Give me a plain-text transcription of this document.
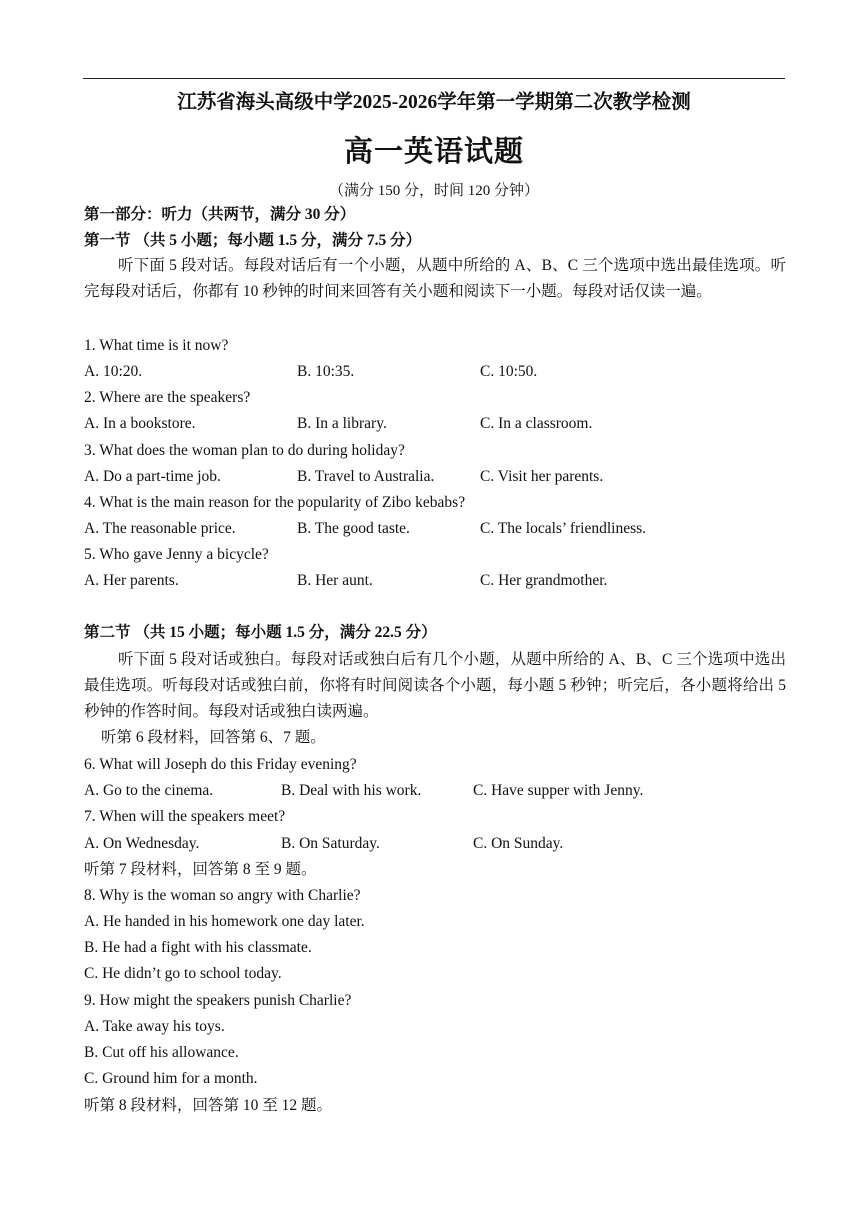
江苏省海头高级中学2025-2026学年第一学期第二次教学检测
高一英语试题
（满分 150 分，时间 120 分钟）
第一部分：听力（共两节，满分 30 分）
第一节 （共 5 小题；每小题 1.5 分，满分 7.5 分）
听下面 5 段对话。每段对话后有一个小题，从题中所给的 A、B、C 三个选项中选出最佳选项。听完每段对话后，你都有 10 秒钟的时间来回答有关小题和阅读下一小题。每段对话仅读一遍。
1. What time is it now?
A. 10:20.	B. 10:35.	C. 10:50.
2. Where are the speakers?
A. In a bookstore.	B. In a library.	C. In a classroom.
3. What does the woman plan to do during holiday?
A. Do a part-time job.	B. Travel to Australia.	C. Visit her parents.
4. What is the main reason for the popularity of Zibo kebabs?
A. The reasonable price.	B. The good taste.	C. The locals’ friendliness.
5. Who gave Jenny a bicycle?
A. Her parents.	B. Her aunt.	C. Her grandmother.
第二节 （共 15 小题；每小题 1.5 分，满分 22.5 分）
听下面 5 段对话或独白。每段对话或独白后有几个小题，从题中所给的 A、B、C 三个选项中选出最佳选项。听每段对话或独白前，你将有时间阅读各个小题，每小题 5 秒钟；听完后，各小题将给出 5 秒钟的作答时间。每段对话或独白读两遍。
听第 6 段材料，回答第 6、7 题。
6. What will Joseph do this Friday evening?
A. Go to the cinema.	B. Deal with his work.	C. Have supper with Jenny.
7. When will the speakers meet?
A. On Wednesday.	B. On Saturday.	C. On Sunday.
听第 7 段材料，回答第 8 至 9 题。
8. Why is the woman so angry with Charlie?
A. He handed in his homework one day later.
B. He had a fight with his classmate.
C. He didn’t go to school today.
9. How might the speakers punish Charlie?
A. Take away his toys.
B. Cut off his allowance.
C. Ground him for a month.
听第 8 段材料，回答第 10 至 12 题。
